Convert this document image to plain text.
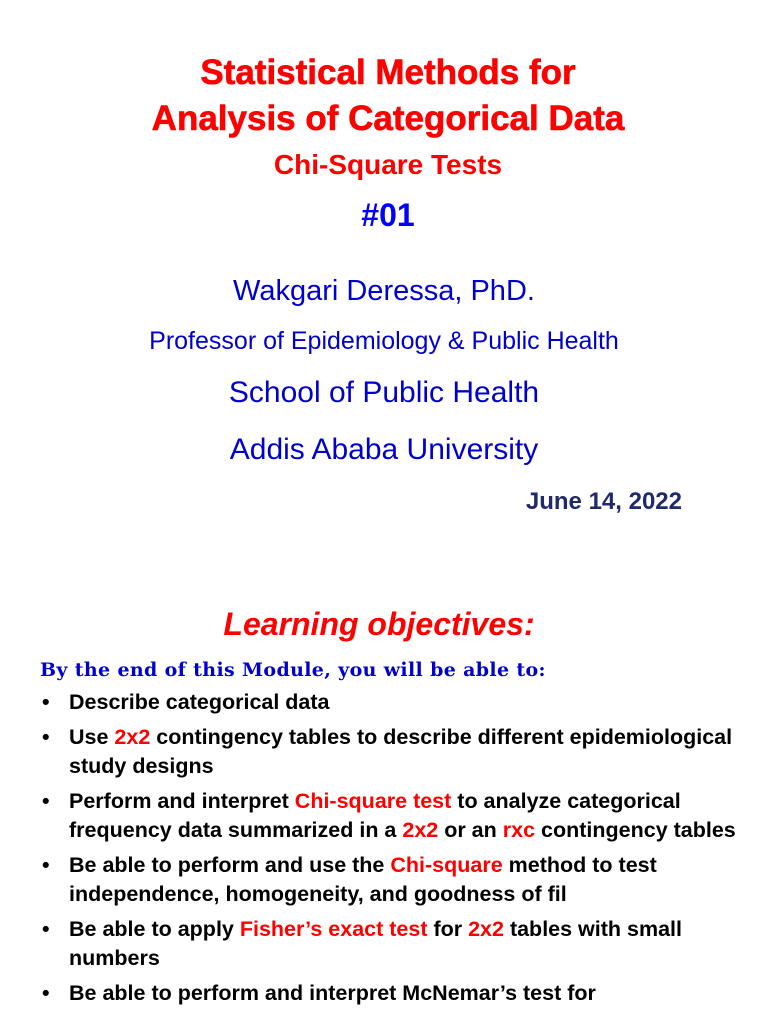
Statistical Methods for
Analysis of Categorical Data
Chi-Square Tests
#01
Wakgari Deressa, PhD.
Professor of Epidemiology & Public Health
School of Public Health
Addis Ababa University
June 14, 2022
Learning objectives:
By the end of this Module, you will be able to:
• Describe categorical data
• Use 2x2 contingency tables to describe different epidemiological study designs
• Perform and interpret Chi-square test to analyze categorical frequency data summarized in a 2x2 or an rxc contingency tables
• Be able to perform and use the Chi-square method to test independence, homogeneity, and goodness of fil
• Be able to apply Fisher’s exact test for 2x2 tables with small numbers
• Be able to perform and interpret McNemar’s test for
